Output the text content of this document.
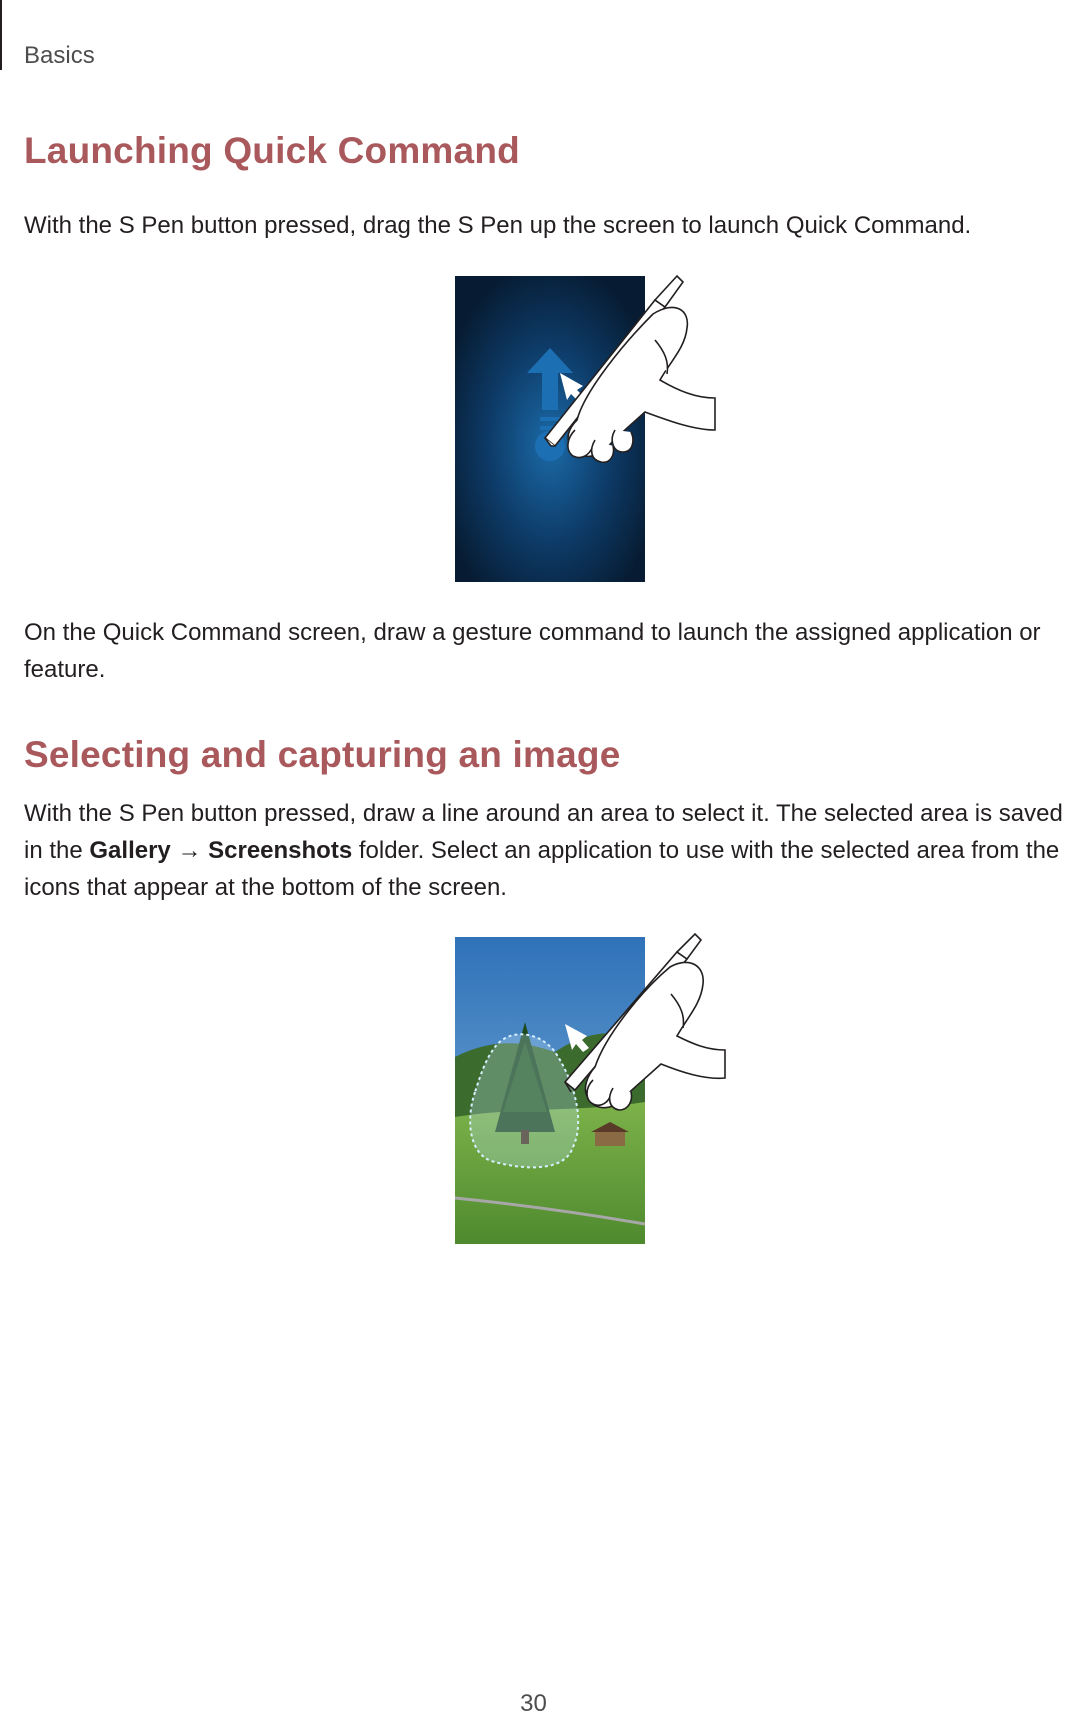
Basics
Launching Quick Command

With the S Pen button pressed, drag the S Pen up the screen to launch Quick Command.

On the Quick Command screen, draw a gesture command to launch the assigned application or feature.

Selecting and capturing an image

With the S Pen button pressed, draw a line around an area to select it. The selected area is saved in the Gallery → Screenshots folder. Select an application to use with the selected area from the icons that appear at the bottom of the screen.

30
